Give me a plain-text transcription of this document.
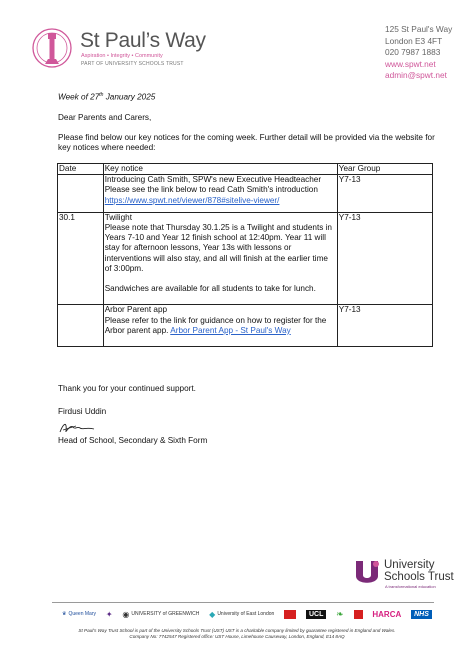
St Paul’s Way
Aspiration • Integrity • Community
PART OF UNIVERSITY SCHOOLS TRUST
125 St Paul's Way
London E3 4FT
020 7987 1883
www.spwt.net
admin@spwt.net
Week of 27th January 2025
Dear Parents and Carers,
Please find below our key notices for the coming week. Further detail will be provided via the website for key notices where needed:
Date	Key notice	Year Group

	Introducing Cath Smith, SPW's new Executive Headteacher
Please see the link below to read Cath Smith's introduction
https://www.spwt.net/viewer/878#sitelive-viewer/	Y7-13
30.1	Twilight
Please note that Thursday 30.1.25 is a Twilight and students in Years 7-10 and Year 12 finish school at 12:40pm. Year 11 will stay for afternoon lessons, Year 13s with lessons or interventions will also stay, and all will finish at the earlier time of 3:00pm.
Sandwiches are available for all students to take for lunch.	Y7-13

	Arbor Parent app
Please refer to the link for guidance on how to register for the Arbor parent app. Arbor Parent App - St Paul's Way	Y7-13
Thank you for your continued support.
Firdusi Uddin
Head of School, Secondary & Sixth Form
University
Schools Trust
A transformational education
♛ Queen Mary ✦ ◉ UNIVERSITY of GREENWICH ◆ University of East London	UCL	❧	HARCA	NHS
St Paul's Way Trust School is part of the University Schools Trust (UST) UST is a charitable company limited by guarantee registered in England and Wales.
Company No: 7742547 Registered office: UST House, Limehouse Causeway, London, England, E14 8AQ
